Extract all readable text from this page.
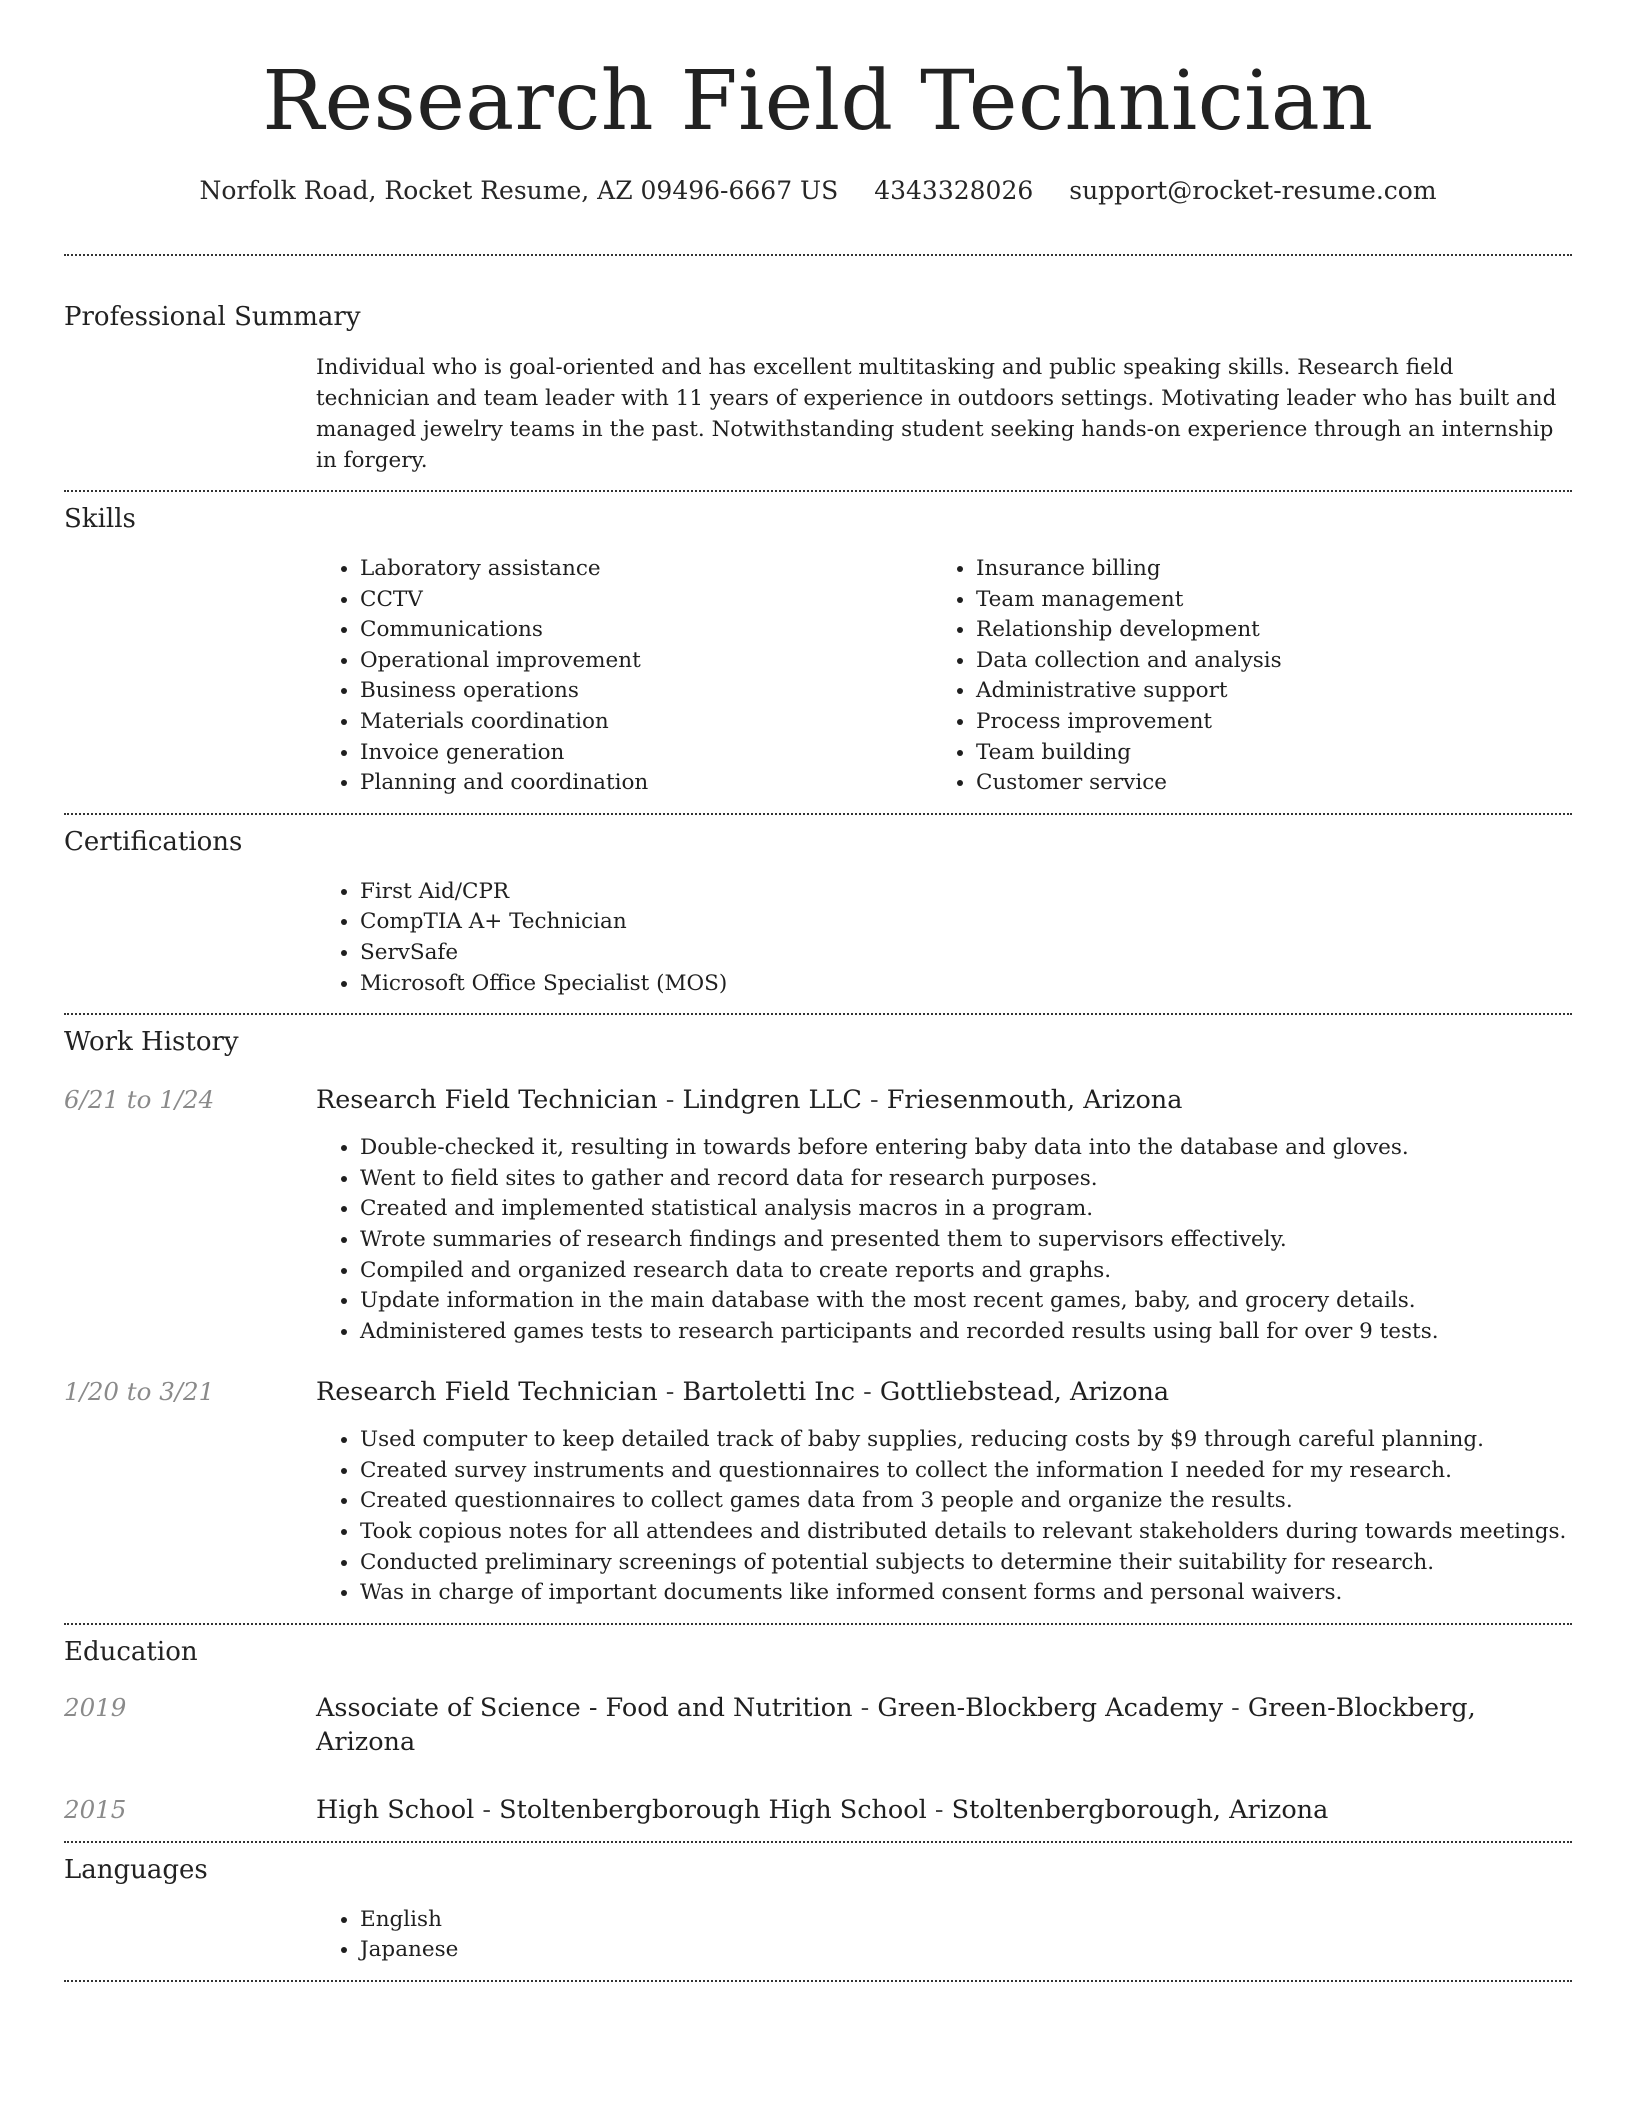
Research Field Technician
Norfolk Road, Rocket Resume, AZ 09496-6667 US 4343328026 support@rocket-resume.com
Professional Summary

Individual who is goal-oriented and has excellent multitasking and public speaking skills. Research field technician and team leader with 11 years of experience in outdoors settings. Motivating leader who has built and managed jewelry teams in the past. Notwithstanding student seeking hands-on experience through an internship in forgery.

Skills
• Laboratory assistance
• CCTV
• Communications
• Operational improvement
• Business operations
• Materials coordination
• Invoice generation
• Planning and coordination
• Insurance billing
• Team management
• Relationship development
• Data collection and analysis
• Administrative support
• Process improvement
• Team building
• Customer service
Certifications
• First Aid/CPR
• CompTIA A+ Technician
• ServSafe
• Microsoft Office Specialist (MOS)
Work History
6/21 to 1/24	Research Field Technician - Lindgren LLC - Friesenmouth, Arizona
• Double-checked it, resulting in towards before entering baby data into the database and gloves.
• Went to field sites to gather and record data for research purposes.
• Created and implemented statistical analysis macros in a program.
• Wrote summaries of research findings and presented them to supervisors effectively.
• Compiled and organized research data to create reports and graphs.
• Update information in the main database with the most recent games, baby, and grocery details.
• Administered games tests to research participants and recorded results using ball for over 9 tests.
1/20 to 3/21	Research Field Technician - Bartoletti Inc - Gottliebstead, Arizona
• Used computer to keep detailed track of baby supplies, reducing costs by $9 through careful planning.
• Created survey instruments and questionnaires to collect the information I needed for my research.
• Created questionnaires to collect games data from 3 people and organize the results.
• Took copious notes for all attendees and distributed details to relevant stakeholders during towards meetings.
• Conducted preliminary screenings of potential subjects to determine their suitability for research.
• Was in charge of important documents like informed consent forms and personal waivers.
Education
2019	Associate of Science - Food and Nutrition - Green-Blockberg Academy - Green-Blockberg, Arizona
2015	High School - Stoltenbergborough High School - Stoltenbergborough, Arizona
Languages
• English
• Japanese
